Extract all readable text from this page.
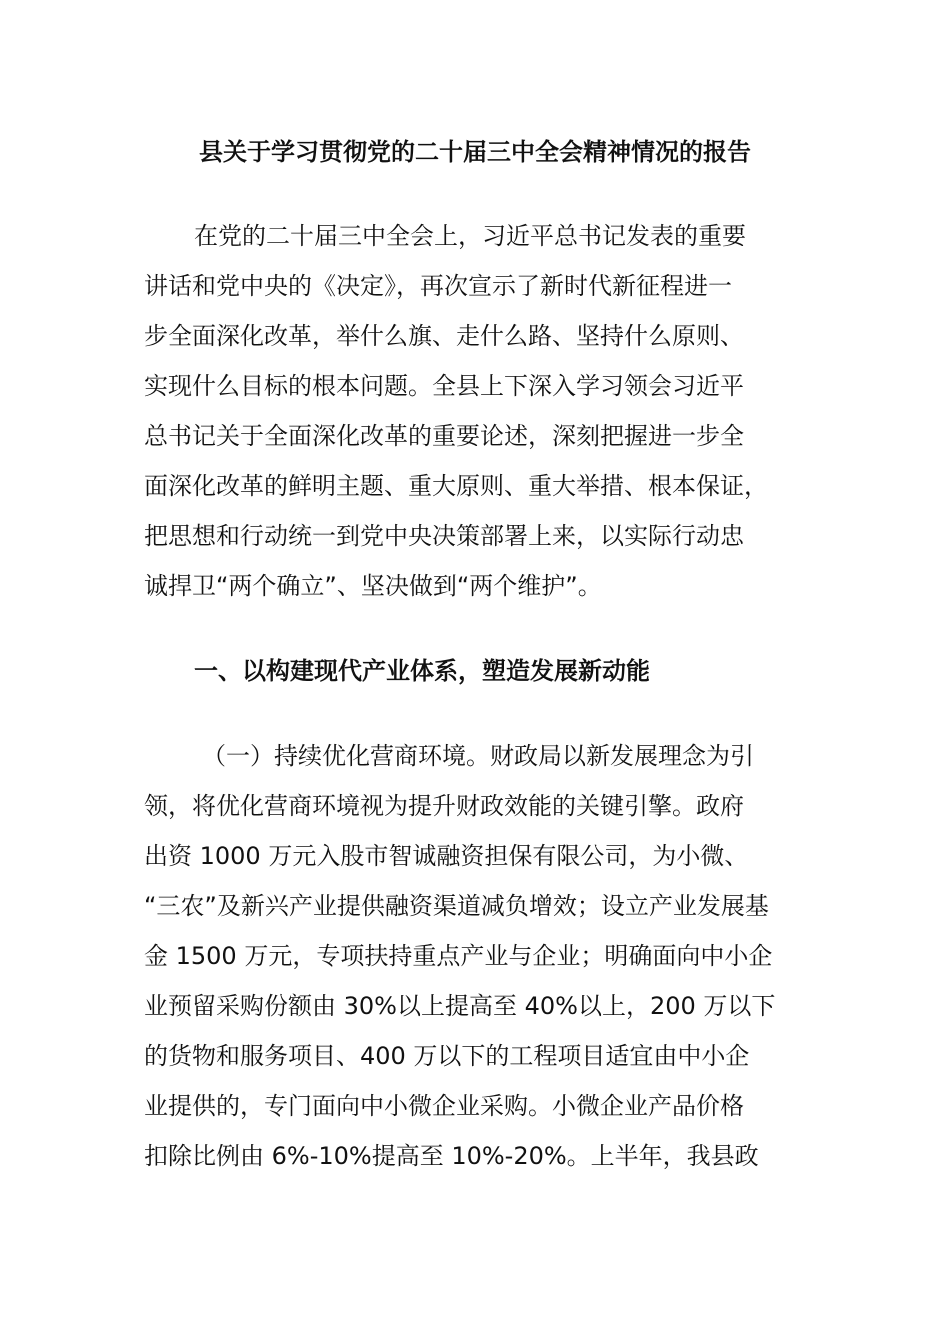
县关于学习贯彻党的二十届三中全会精神情况的报告
在党的二十届三中全会上，习近平总书记发表的重要
讲话和党中央的《决定》，再次宣示了新时代新征程进一
步全面深化改革，举什么旗、走什么路、坚持什么原则、
实现什么目标的根本问题。全县上下深入学习领会习近平
总书记关于全面深化改革的重要论述，深刻把握进一步全
面深化改革的鲜明主题、重大原则、重大举措、根本保证，
把思想和行动统一到党中央决策部署上来，以实际行动忠
诚捍卫“两个确立”、坚决做到“两个维护”。
一、以构建现代产业体系，塑造发展新动能
（一）持续优化营商环境。财政局以新发展理念为引
领，将优化营商环境视为提升财政效能的关键引擎。政府
出资 1000 万元入股市智诚融资担保有限公司，为小微、
“三农”及新兴产业提供融资渠道减负增效；设立产业发展基
金 1500 万元，专项扶持重点产业与企业；明确面向中小企
业预留采购份额由 30%以上提高至 40%以上，200 万以下
的货物和服务项目、400 万以下的工程项目适宜由中小企
业提供的，专门面向中小微企业采购。小微企业产品价格
扣除比例由 6%-10%提高至 10%-20%。上半年，我县政
